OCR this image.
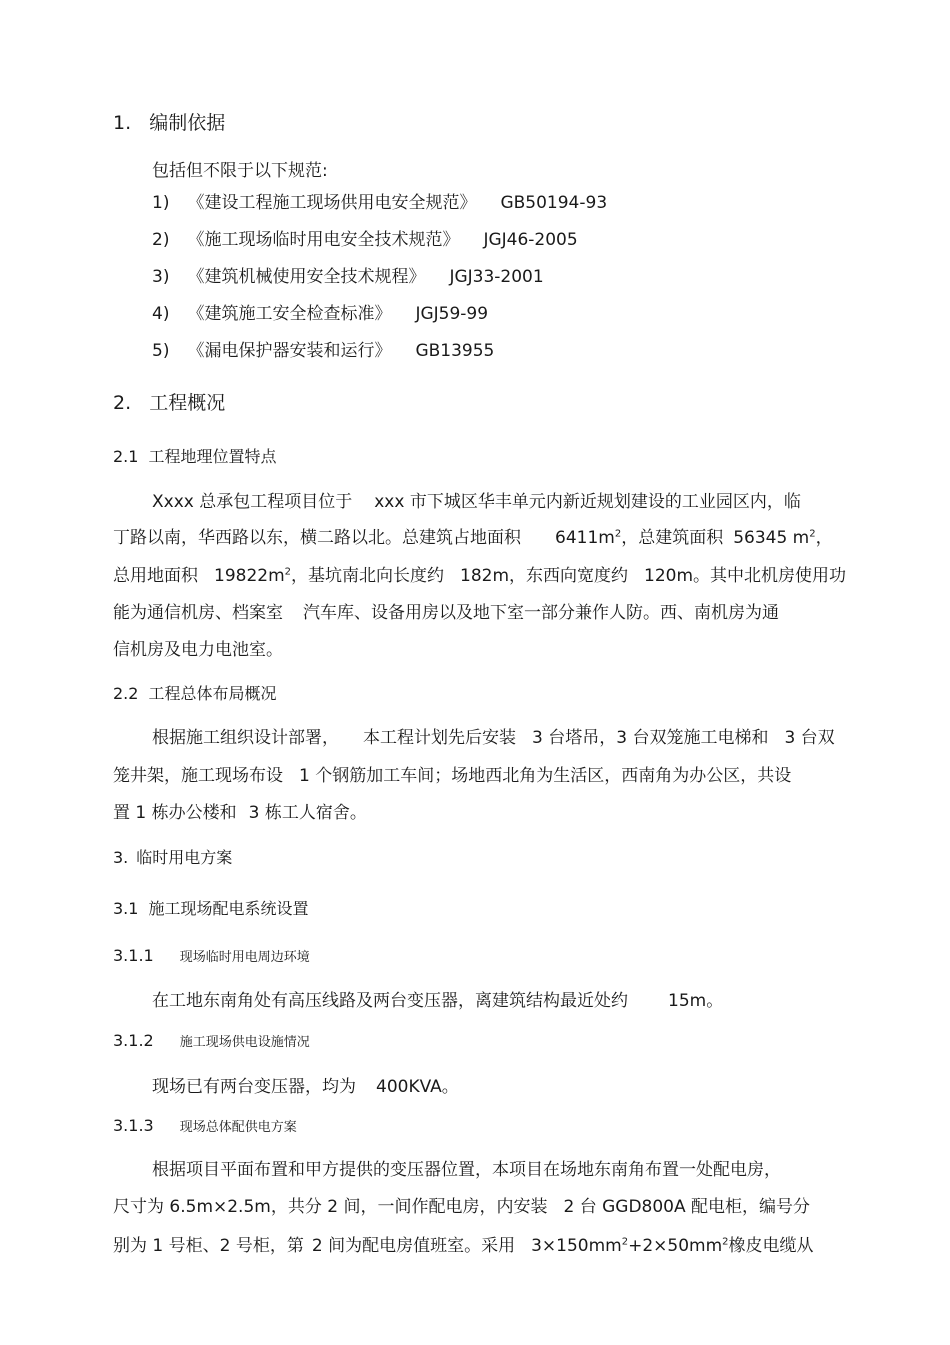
1. 编制依据

包括但不限于以下规范:

1) 《建设工程施工现场供用电安全规范》 GB50194-93
2) 《施工现场临时用电安全技术规范》 JGJ46-2005
3) 《建筑机械使用安全技术规程》 JGJ33-2001
4) 《建筑施工安全检查标准》 JGJ59-99
5) 《漏电保护器安装和运行》 GB13955
2. 工程概况
2.1 工程地理位置特点
Xxxx 总承包工程项目位于 xxx 市下城区华丰单元内新近规划建设的工业园区内，临
丁路以南，华西路以东，横二路以北。总建筑占地面积 $6411m^2$，总建筑面积 56345 $m^2$，
总用地面积 $19822m^2$，基坑南北向长度约 182m，东西向宽度约 120m。其中北机房使用功
能为通信机房、档案室 汽车库、设备用房以及地下室一部分兼作人防。西、南机房为通
信机房及电力电池室。
2.2 工程总体布局概况
根据施工组织设计部署， 本工程计划先后安装 3 台塔吊，3 台双笼施工电梯和 3 台双
笼井架，施工现场布设 1 个钢筋加工车间；场地西北角为生活区，西南角为办公区，共设
置 1 栋办公楼和 3 栋工人宿舍。
3. 临时用电方案
3.1 施工现场配电系统设置
3.1.1 现场临时用电周边环境
在工地东南角处有高压线路及两台变压器，离建筑结构最近处约 15m。
3.1.2 施工现场供电设施情况
现场已有两台变压器，均为 400KVA。
3.1.3 现场总体配供电方案
根据项目平面布置和甲方提供的变压器位置，本项目在场地东南角布置一处配电房，
尺寸为 6.5m×2.5m，共分 2 间，一间作配电房，内安装 2 台 GGD800A 配电柜，编号分
别为 1 号柜、2 号柜，第 2 间为配电房值班室。采用 $3\times 150mm^2+2\times 50mm^2$橡皮电缆从
